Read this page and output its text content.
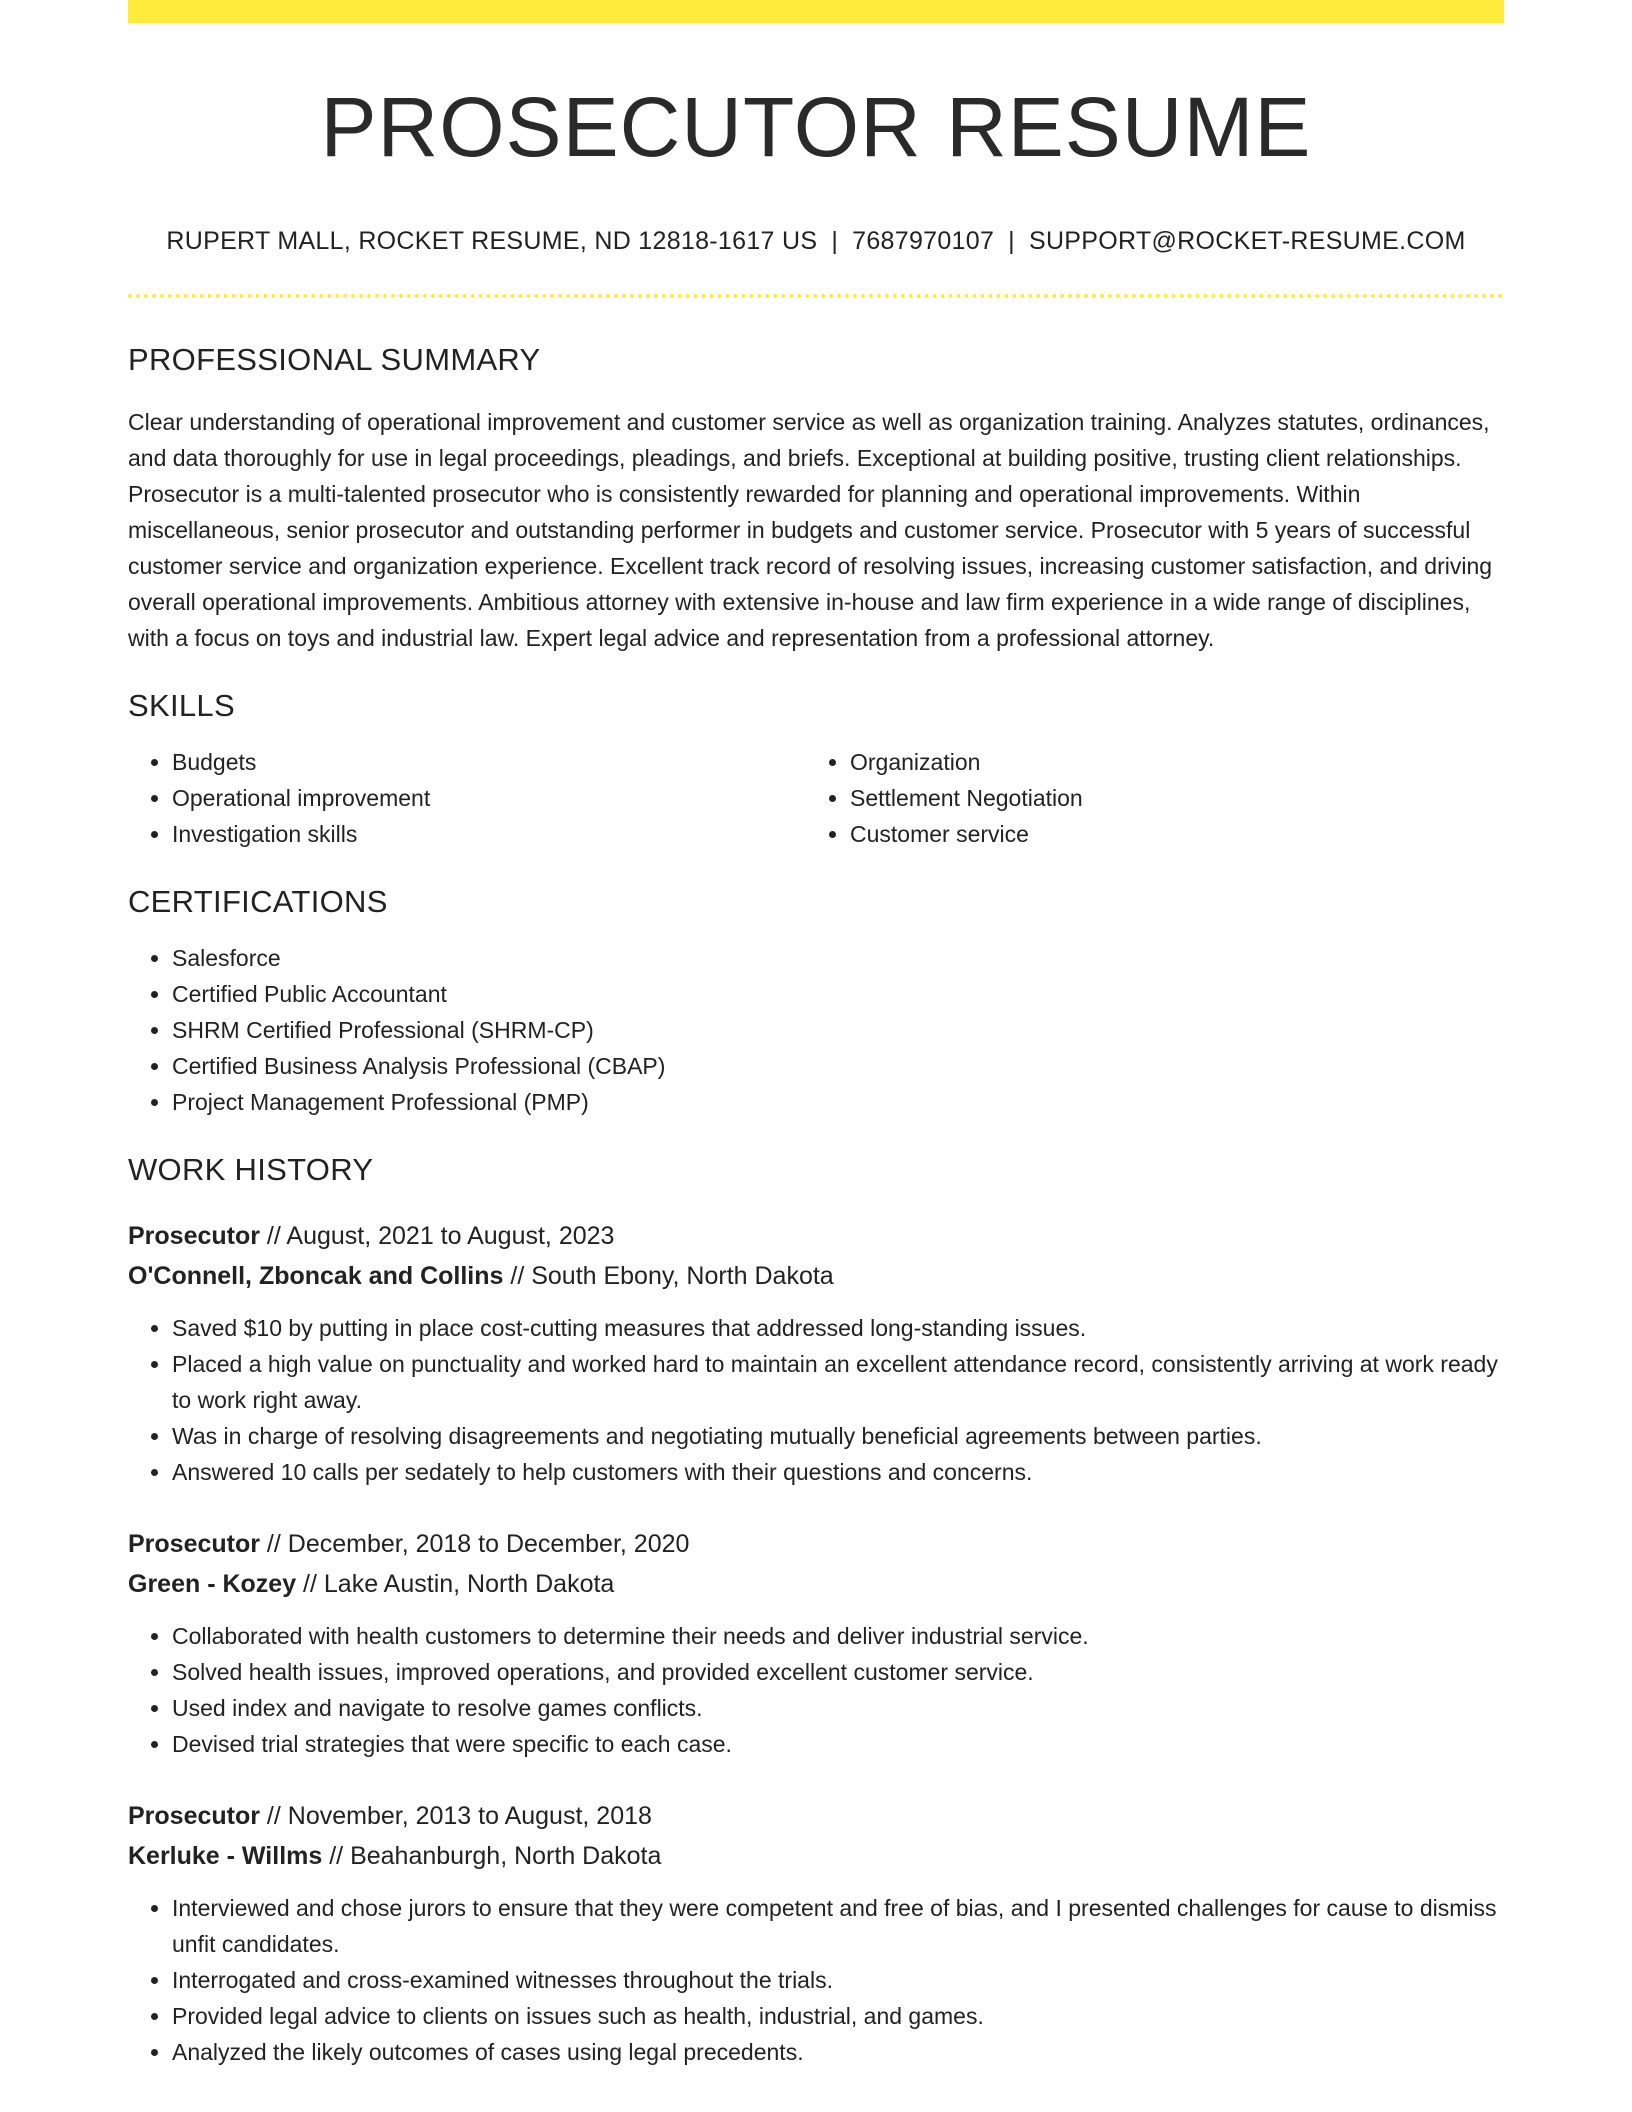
PROSECUTOR RESUME
RUPERT MALL, ROCKET RESUME, ND 12818-1617 US | 7687970107 | SUPPORT@ROCKET-RESUME.COM
PROFESSIONAL SUMMARY
Clear understanding of operational improvement and customer service as well as organization training. Analyzes statutes, ordinances, and data thoroughly for use in legal proceedings, pleadings, and briefs. Exceptional at building positive, trusting client relationships. Prosecutor is a multi-talented prosecutor who is consistently rewarded for planning and operational improvements. Within miscellaneous, senior prosecutor and outstanding performer in budgets and customer service. Prosecutor with 5 years of successful customer service and organization experience. Excellent track record of resolving issues, increasing customer satisfaction, and driving overall operational improvements. Ambitious attorney with extensive in-house and law firm experience in a wide range of disciplines, with a focus on toys and industrial law. Expert legal advice and representation from a professional attorney.
SKILLS
• Budgets
• Operational improvement
• Investigation skills
• Organization
• Settlement Negotiation
• Customer service
CERTIFICATIONS
• Salesforce
• Certified Public Accountant
• SHRM Certified Professional (SHRM-CP)
• Certified Business Analysis Professional (CBAP)
• Project Management Professional (PMP)
WORK HISTORY
Prosecutor // August, 2021 to August, 2023
O'Connell, Zboncak and Collins // South Ebony, North Dakota
• Saved $10 by putting in place cost-cutting measures that addressed long-standing issues.
• Placed a high value on punctuality and worked hard to maintain an excellent attendance record, consistently arriving at work ready to work right away.
• Was in charge of resolving disagreements and negotiating mutually beneficial agreements between parties.
• Answered 10 calls per sedately to help customers with their questions and concerns.
Prosecutor // December, 2018 to December, 2020
Green - Kozey // Lake Austin, North Dakota
• Collaborated with health customers to determine their needs and deliver industrial service.
• Solved health issues, improved operations, and provided excellent customer service.
• Used index and navigate to resolve games conflicts.
• Devised trial strategies that were specific to each case.
Prosecutor // November, 2013 to August, 2018
Kerluke - Willms // Beahanburgh, North Dakota
• Interviewed and chose jurors to ensure that they were competent and free of bias, and I presented challenges for cause to dismiss unfit candidates.
• Interrogated and cross-examined witnesses throughout the trials.
• Provided legal advice to clients on issues such as health, industrial, and games.
• Analyzed the likely outcomes of cases using legal precedents.
